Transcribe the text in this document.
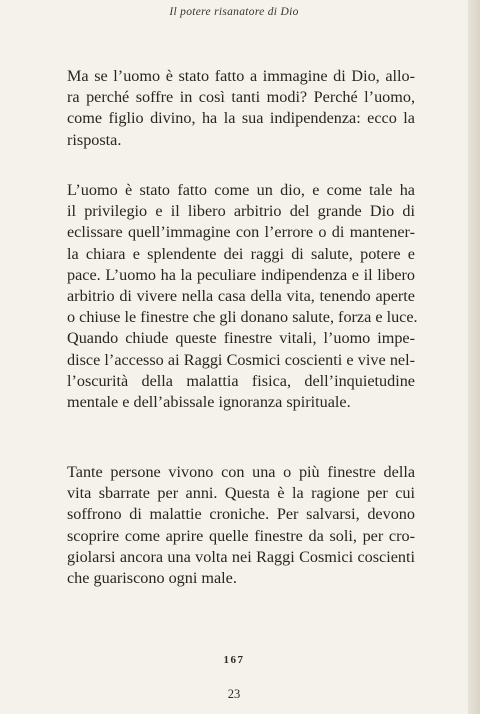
Il potere risanatore di Dio
Ma se l’uomo è stato fatto a immagine di Dio, allo-
ra perché soffre in così tanti modi? Perché l’uomo,
come figlio divino, ha la sua indipendenza: ecco la
risposta.
L’uomo è stato fatto come un dio, e come tale ha
il privilegio e il libero arbitrio del grande Dio di
eclissare quell’immagine con l’errore o di mantener-
la chiara e splendente dei raggi di salute, potere e
pace. L’uomo ha la peculiare indipendenza e il libero
arbitrio di vivere nella casa della vita, tenendo aperte
o chiuse le finestre che gli donano salute, forza e luce.
Quando chiude queste finestre vitali, l’uomo impe-
disce l’accesso ai Raggi Cosmici coscienti e vive nel-
l’oscurità della malattia fisica, dell’inquietudine
mentale e dell’abissale ignoranza spirituale.
Tante persone vivono con una o più finestre della
vita sbarrate per anni. Questa è la ragione per cui
soffrono di malattie croniche. Per salvarsi, devono
scoprire come aprire quelle finestre da soli, per cro-
giolarsi ancora una volta nei Raggi Cosmici coscienti
che guariscono ogni male.
167
23
